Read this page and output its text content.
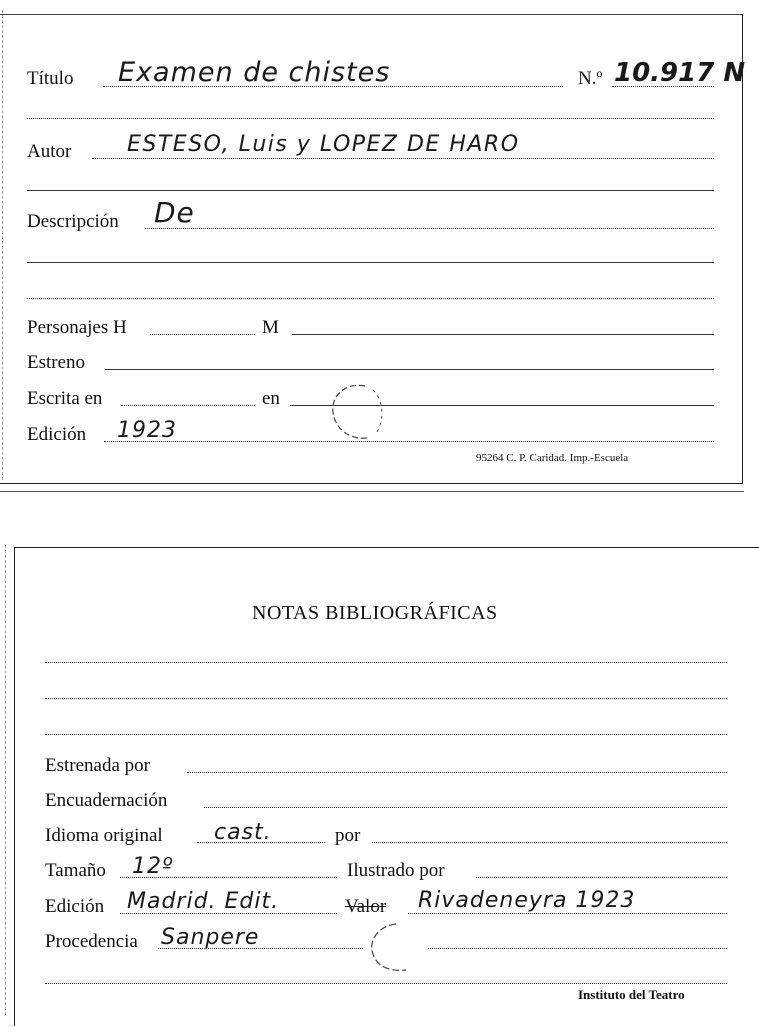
Título Examen de chistes	N.º 10.917 N
Autor	ESTESO, Luis y LOPEZ DE HARO
Descripción De
Personajes H	M
Estreno
Escrita en	en
Edición 1923
95264 C. P. Caridad. Imp.-Escuela
NOTAS BIBLIOGRÁFICAS
Estrenada por
Encuadernación
Idioma original cast.	por
Tamaño 12º	Ilustrado por
Edición Madrid. Edit.	Valor Rivadeneyra 1923
Procedencia Sanpere
Instituto del Teatro
